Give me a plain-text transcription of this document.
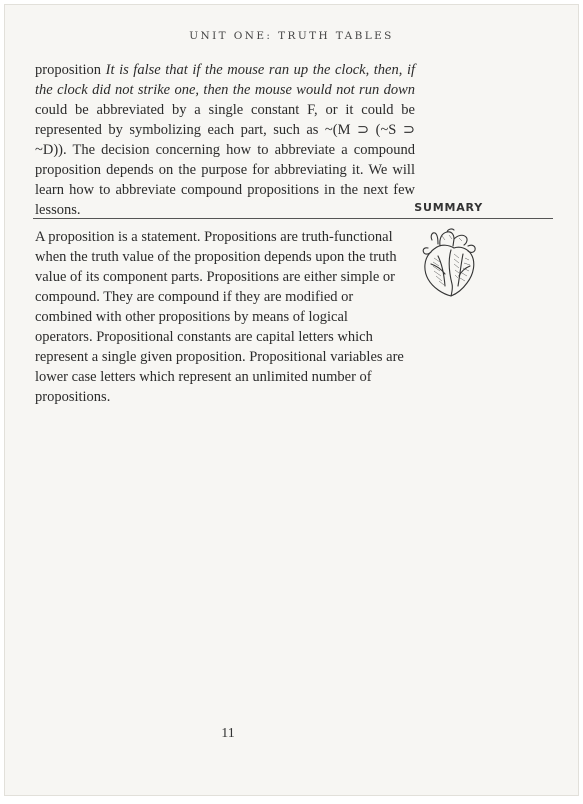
UNIT ONE: TRUTH TABLES

proposition It is false that if the mouse ran up the clock, then, if the clock did not strike one, then the mouse would not run down could be abbreviated by a single constant F, or it could be represented by symbolizing each part, such as ~(M ⊃ (~S ⊃ ~D)). The decision concerning how to abbreviate a compound proposition depends on the purpose for abbreviating it. We will learn how to abbreviate compound propositions in the next few lessons.	SUMMARY

A proposition is a statement. Propositions are truth-functional when the truth value of the proposition depends upon the truth value of its component parts. Propositions are either simple or compound. They are compound if they are modified or combined with other propositions by means of logical operators. Propositional constants are capital letters which represent a single given proposition. Propositional variables are lower case letters which represent an unlimited number of propositions.

11
